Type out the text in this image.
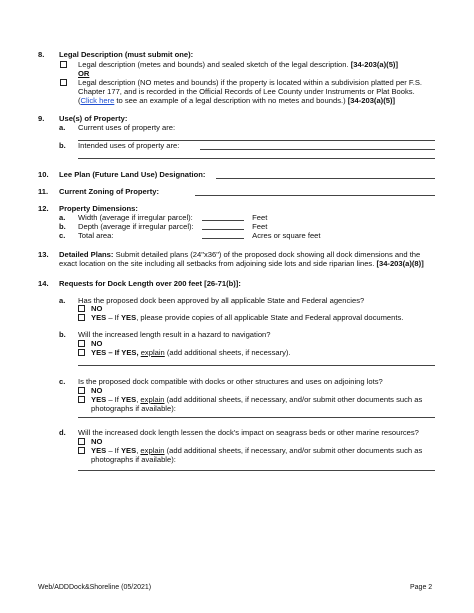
8. Legal Description (must submit one):
Legal description (metes and bounds) and sealed sketch of the legal description. [34-203(a)(5)]
OR
Legal description (NO metes and bounds) if the property is located within a subdivision platted per F.S.
Chapter 177, and is recorded in the Official Records of Lee County under Instruments or Plat Books.
(Click here to see an example of a legal description with no metes and bounds.) [34-203(a)(5)]
9. Use(s) of Property:
a. Current uses of property are:
b. Intended uses of property are:
10. Lee Plan (Future Land Use) Designation:
11. Current Zoning of Property:
12. Property Dimensions:
a. Width (average if irregular parcel):	Feet
b. Depth (average if irregular parcel):	Feet
c. Total area:	Acres or square feet
13. Detailed Plans: Submit detailed plans (24"x36") of the proposed dock showing all dock dimensions and the
exact location on the site including all setbacks from adjoining side lots and side riparian lines. [34-203(a)(8)]
14. Requests for Dock Length over 200 feet [26-71(b)]:
a. Has the proposed dock been approved by all applicable State and Federal agencies?
NO
YES – If YES, please provide copies of all applicable State and Federal approval documents.
b. Will the increased length result in a hazard to navigation?
NO
YES – If YES, explain (add additional sheets, if necessary).
c. Is the proposed dock compatible with docks or other structures and uses on adjoining lots?
NO
YES – If YES, explain (add additional sheets, if necessary, and/or submit other documents such as
photographs if available):
d. Will the increased dock length lessen the dock’s impact on seagrass beds or other marine resources?
NO
YES – If YES, explain (add additional sheets, if necessary, and/or submit other documents such as
photographs if available):
Web/ADDDock&Shoreline (05/2021)	Page 2
